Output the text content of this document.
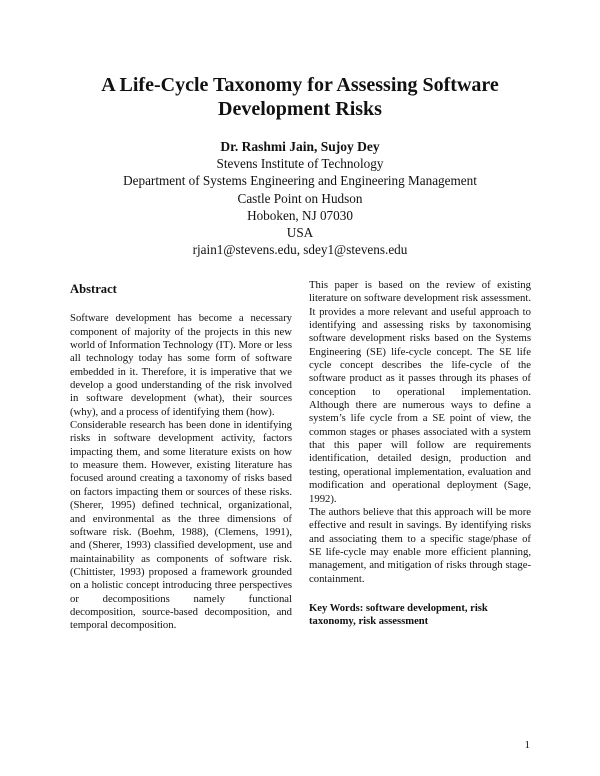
A Life-Cycle Taxonomy for Assessing Software
Development Risks
Dr. Rashmi Jain, Sujoy Dey
Stevens Institute of Technology
Department of Systems Engineering and Engineering Management
Castle Point on Hudson
Hoboken, NJ 07030
USA
rjain1@stevens.edu, sdey1@stevens.edu
Abstract

Software development has become a necessary component of majority of the projects in this new world of Information Technology (IT). More or less all technology today has some form of software embedded in it. Therefore, it is imperative that we develop a good understanding of the risk involved in software development (what), their sources (why), and a process of identifying them (how).

Considerable research has been done in identifying risks in software development activity, factors impacting them, and some literature exists on how to measure them. However, existing literature has focused around creating a taxonomy of risks based on factors impacting them or sources of these risks. (Sherer, 1995) defined technical, organizational, and environmental as the three dimensions of software risk. (Boehm, 1988), (Clemens, 1991), and (Sherer, 1993) classified development, use and maintainability as components of software risk. (Chittister, 1993) proposed a framework grounded on a holistic concept introducing three perspectives or decompositions namely functional decomposition, source-based decomposition, and temporal decomposition.

This paper is based on the review of existing literature on software development risk assessment. It provides a more relevant and useful approach to identifying and assessing risks by taxonomising software development risks based on the Systems Engineering (SE) life-cycle concept. The SE life cycle concept describes the life-cycle of the software product as it passes through its phases of conception to operational implementation. Although there are numerous ways to define a system’s life cycle from a SE point of view, the common stages or phases associated with a system that this paper will follow are requirements identification, detailed design, production and testing, operational implementation, evaluation and modification and operational deployment (Sage, 1992).

The authors believe that this approach will be more effective and result in savings. By identifying risks and associating them to a specific stage/phase of SE life-cycle may enable more efficient planning, management, and mitigation of risks through stage-containment.

Key Words: software development, risk taxonomy, risk assessment
1
